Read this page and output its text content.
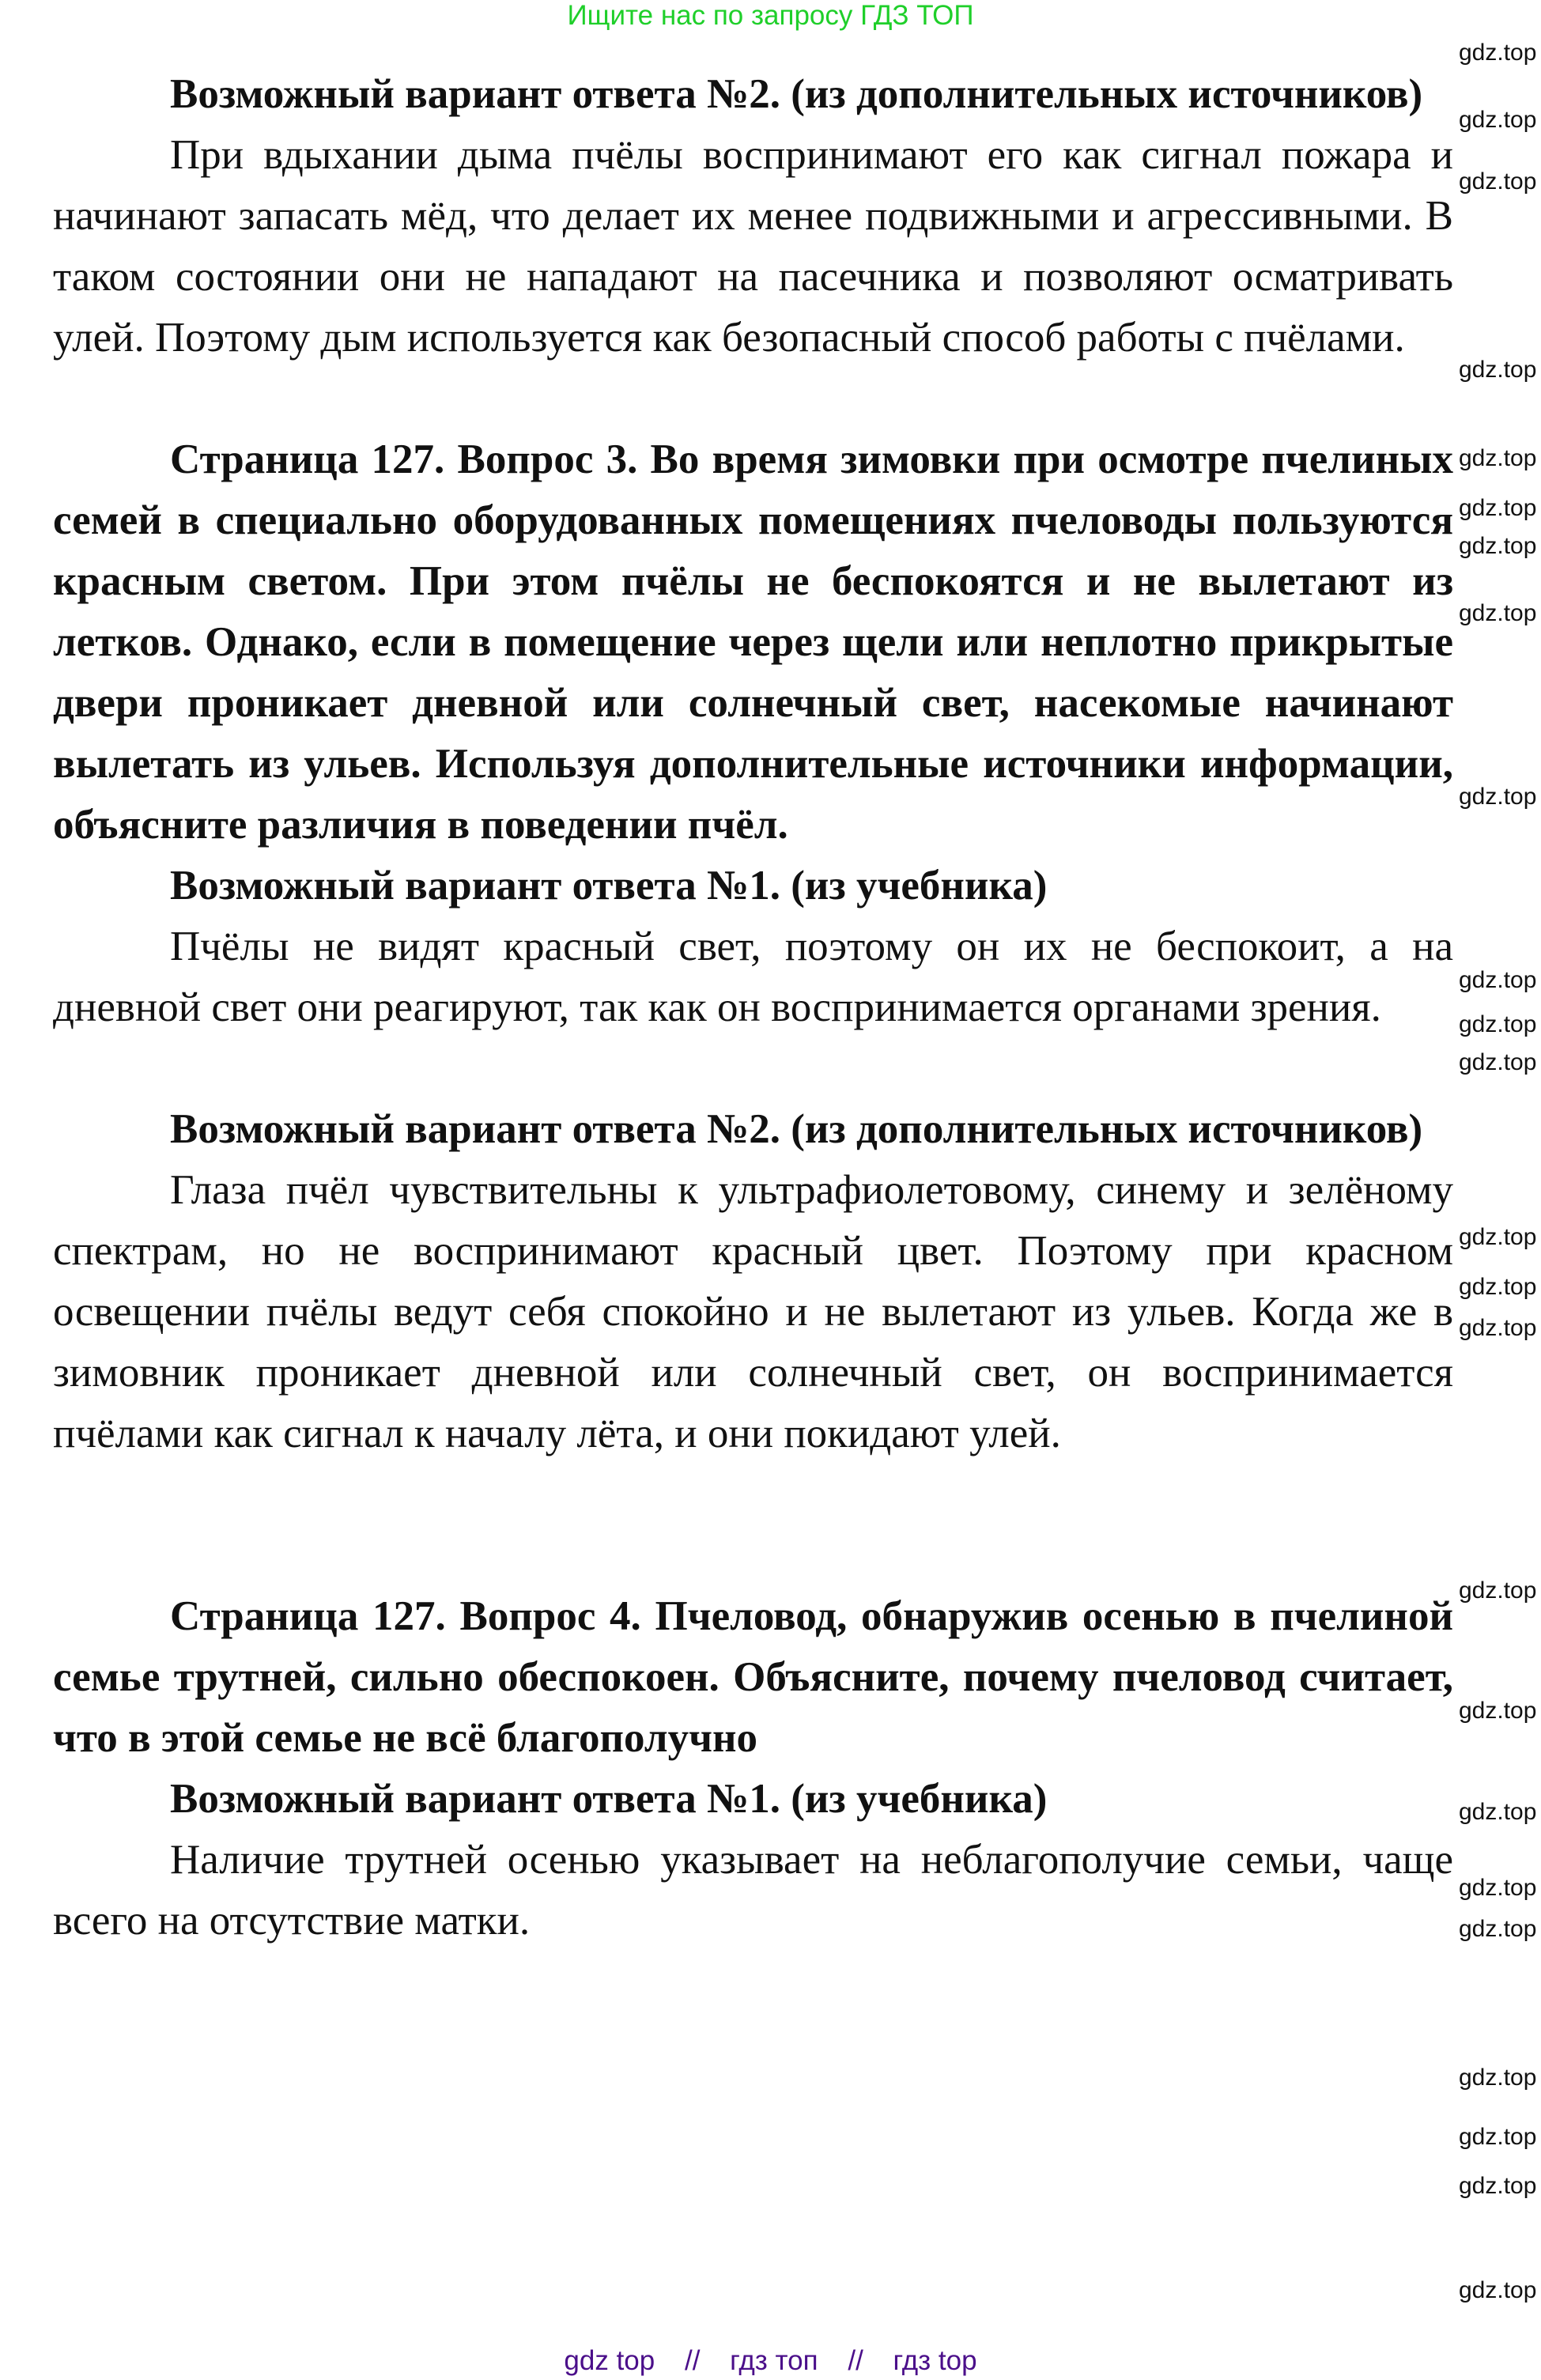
Ищите нас по запросу ГДЗ ТОП

Возможный вариант ответа №2. (из дополнительных источников)

При вдыхании дыма пчёлы воспринимают его как сигнал пожара и начинают запасать мёд, что делает их менее подвижными и агрессивными. В таком состоянии они не нападают на пасечника и позволяют осматривать улей. Поэтому дым используется как безопасный способ работы с пчёлами.

Страница 127. Вопрос 3. Во время зимовки при осмотре пчелиных семей в специально оборудованных помещениях пчеловоды пользуются красным светом. При этом пчёлы не беспокоятся и не вылетают из летков. Однако, если в помещение через щели или неплотно прикрытые двери проникает дневной или солнечный свет, насекомые начинают вылетать из ульев. Используя дополнительные источники информации, объясните различия в поведении пчёл.

Возможный вариант ответа №1. (из учебника)

Пчёлы не видят красный свет, поэтому он их не беспокоит, а на дневной свет они реагируют, так как он воспринимается органами зрения.

Возможный вариант ответа №2. (из дополнительных источников)

Глаза пчёл чувствительны к ультрафиолетовому, синему и зелёному спектрам, но не воспринимают красный цвет. Поэтому при красном освещении пчёлы ведут себя спокойно и не вылетают из ульев. Когда же в зимовник проникает дневной или солнечный свет, он воспринимается пчёлами как сигнал к началу лёта, и они покидают улей.

Страница 127. Вопрос 4. Пчеловод, обнаружив осенью в пчелиной семье трутней, сильно обеспокоен. Объясните, почему пчеловод считает, что в этой семье не всё благополучно

Возможный вариант ответа №1. (из учебника)

Наличие трутней осенью указывает на неблагополучие семьи, чаще всего на отсутствие матки.

gdz.top
gdz.top
gdz.top
gdz.top
gdz.top
gdz.top
gdz.top
gdz.top
gdz.top
gdz.top
gdz.top
gdz.top
gdz.top
gdz.top
gdz.top
gdz.top
gdz.top
gdz.top
gdz.top
gdz.top
gdz.top
gdz.top
gdz.top
gdz.top
gdz top // гдз топ // гдз top
